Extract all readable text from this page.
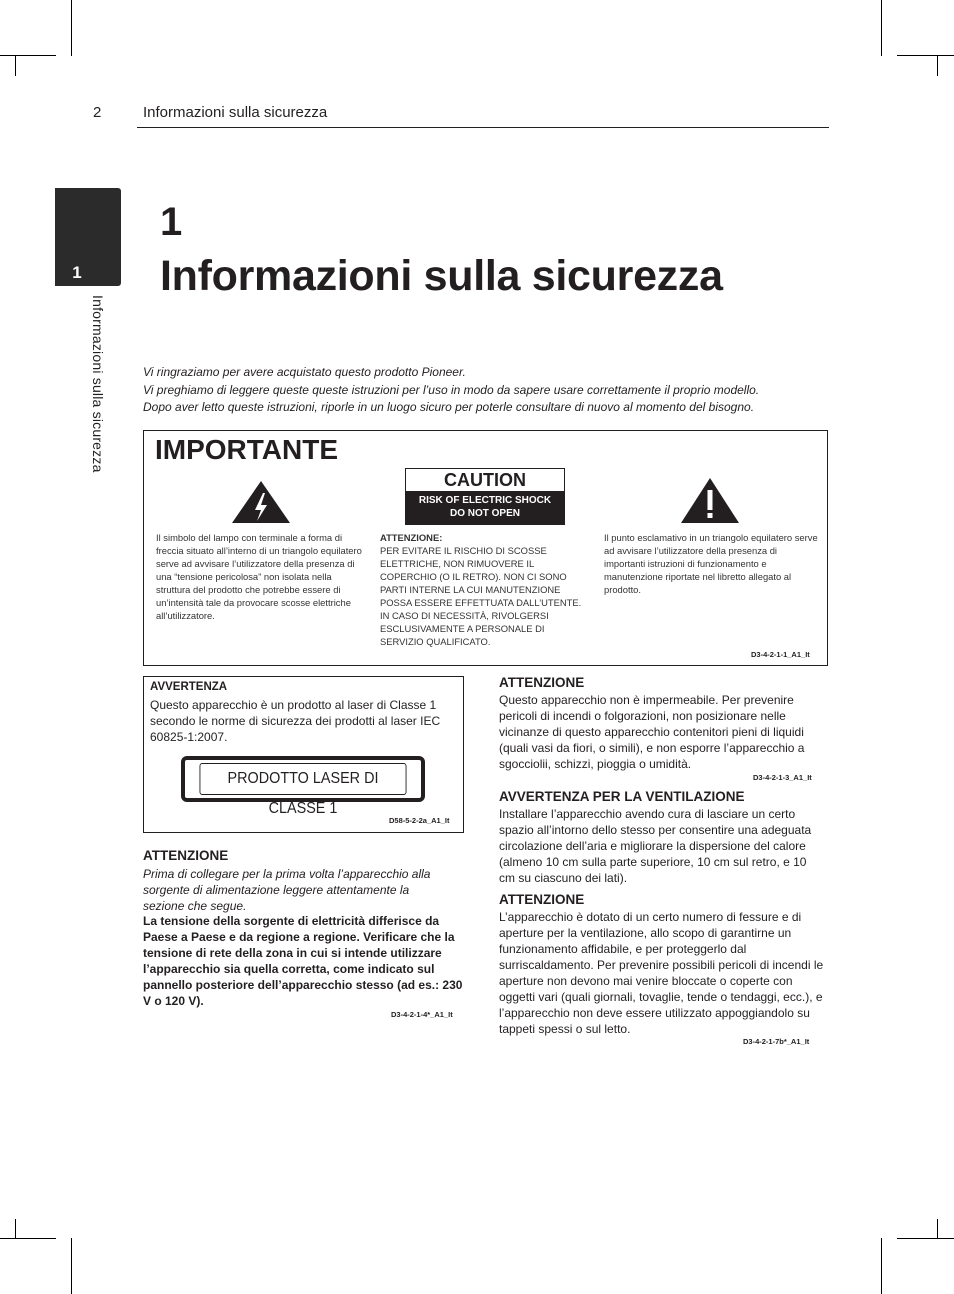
2	Informazioni sulla sicurezza
1
Informazioni sulla sicurezza
1
Informazioni sulla sicurezza
Vi ringraziamo per avere acquistato questo prodotto Pioneer.
Vi preghiamo di leggere queste queste istruzioni per l’uso in modo da sapere usare correttamente il proprio modello.
Dopo aver letto queste istruzioni, riporle in un luogo sicuro per poterle consultare di nuovo al momento del bisogno.
IMPORTANTE
CAUTION
RISK OF ELECTRIC SHOCK
DO NOT OPEN
Il simbolo del lampo con terminale a forma di freccia situato all’interno di un triangolo equilatero serve ad avvisare l’utilizzatore della presenza di una “tensione pericolosa” non isolata nella struttura del prodotto che potrebbe essere di un’intensità tale da provocare scosse elettriche all’utilizzatore.
ATTENZIONE:
PER EVITARE IL RISCHIO DI SCOSSE ELETTRICHE, NON RIMUOVERE IL COPERCHIO (O IL RETRO). NON CI SONO PARTI INTERNE LA CUI MANUTENZIONE POSSA ESSERE EFFETTUATA DALL’UTENTE. IN CASO DI NECESSITÀ, RIVOLGERSI ESCLUSIVAMENTE A PERSONALE DI SERVIZIO QUALIFICATO.
Il punto esclamativo in un triangolo equilatero serve ad avvisare l’utilizzatore della presenza di importanti istruzioni di funzionamento e manutenzione riportate nel libretto allegato al prodotto.
D3-4-2-1-1_A1_It
AVVERTENZA
Questo apparecchio è un prodotto al laser di Classe 1 secondo le norme di sicurezza dei prodotti al laser IEC 60825-1:2007.
PRODOTTO LASER DI CLASSE 1
D58-5-2-2a_A1_It
ATTENZIONE
Prima di collegare per la prima volta l’apparecchio alla sorgente di alimentazione leggere attentamente la sezione che segue.
La tensione della sorgente di elettricità differisce da Paese a Paese e da regione a regione. Verificare che la tensione di rete della zona in cui si intende utilizzare l’apparecchio sia quella corretta, come indicato sul pannello posteriore dell’apparecchio stesso (ad es.: 230 V o 120 V).
D3-4-2-1-4*_A1_It
ATTENZIONE
Questo apparecchio non è impermeabile. Per prevenire pericoli di incendi o folgorazioni, non posizionare nelle vicinanze di questo apparecchio contenitori pieni di liquidi (quali vasi da fiori, o simili), e non esporre l’apparecchio a sgocciolii, schizzi, pioggia o umidità.
D3-4-2-1-3_A1_It
AVVERTENZA PER LA VENTILAZIONE
Installare l’apparecchio avendo cura di lasciare un certo spazio all’intorno dello stesso per consentire una adeguata circolazione dell’aria e migliorare la dispersione del calore (almeno 10 cm sulla parte superiore, 10 cm sul retro, e 10 cm su ciascuno dei lati).
ATTENZIONE
L’apparecchio è dotato di un certo numero di fessure e di aperture per la ventilazione, allo scopo di garantirne un funzionamento affidabile, e per proteggerlo dal surriscaldamento. Per prevenire possibili pericoli di incendi le aperture non devono mai venire bloccate o coperte con oggetti vari (quali giornali, tovaglie, tende o tendaggi, ecc.), e l’apparecchio non deve essere utilizzato appoggiandolo su tappeti spessi o sul letto.
D3-4-2-1-7b*_A1_It
